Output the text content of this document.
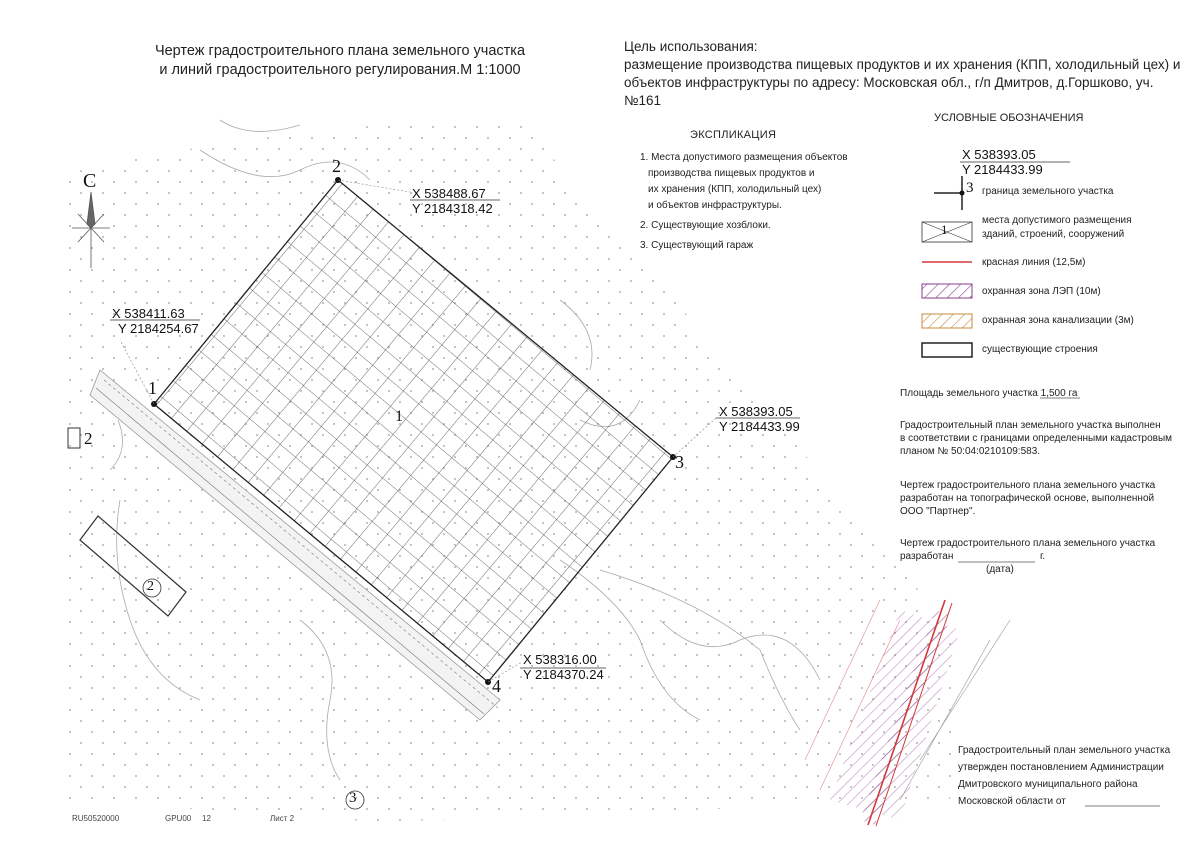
Чертеж градостроительного плана земельного участка
и линий градостроительного регулирования.М 1:1000
Цель использования:
размещение производства пищевых продуктов и их хранения (КПП, холодильный цех) и
объектов инфраструктуры по адресу: Московская обл., г/п Дмитров, д.Горшково, уч. №161
ЭКСПЛИКАЦИЯ
1. Места допустимого размещения объектов
производства пищевых продуктов и
их хранения (КПП, холодильный цех)
и объектов инфраструктуры.
2. Существующие хозблоки.
3. Существующий гараж
УСЛОВНЫЕ ОБОЗНАЧЕНИЯ
X 538393.05
Y 2184433.99
3 граница земельного участка
1
места допустимого размещения
зданий, строений, сооружений
красная линия (12,5м)
охранная зона ЛЭП (10м)
охранная зона канализации (3м)
существующие строения
Площадь земельного участка 1,500 га
Градостроительный план земельного участка выполнен
в соответствии с границами определенными кадастровым
планом № 50:04:0210109:583.
Чертеж градостроительного плана земельного участка
разработан на топографической основе, выполненной
ООО "Партнер".
Чертеж градостроительного плана земельного участка
разработан	г.
(дата)
Градостроительный план земельного участка
утвержден постановлением Администрации
Дмитровского муниципального района
Московской области от
С
1
2
2
3
1
X 538411.63
Y 2184254.67
2
X 538488.67
Y 2184318.42
3
X 538393.05
Y 2184433.99
4
X 538316.00
Y 2184370.24
RU50520000	GPU00 12	Лист 2
